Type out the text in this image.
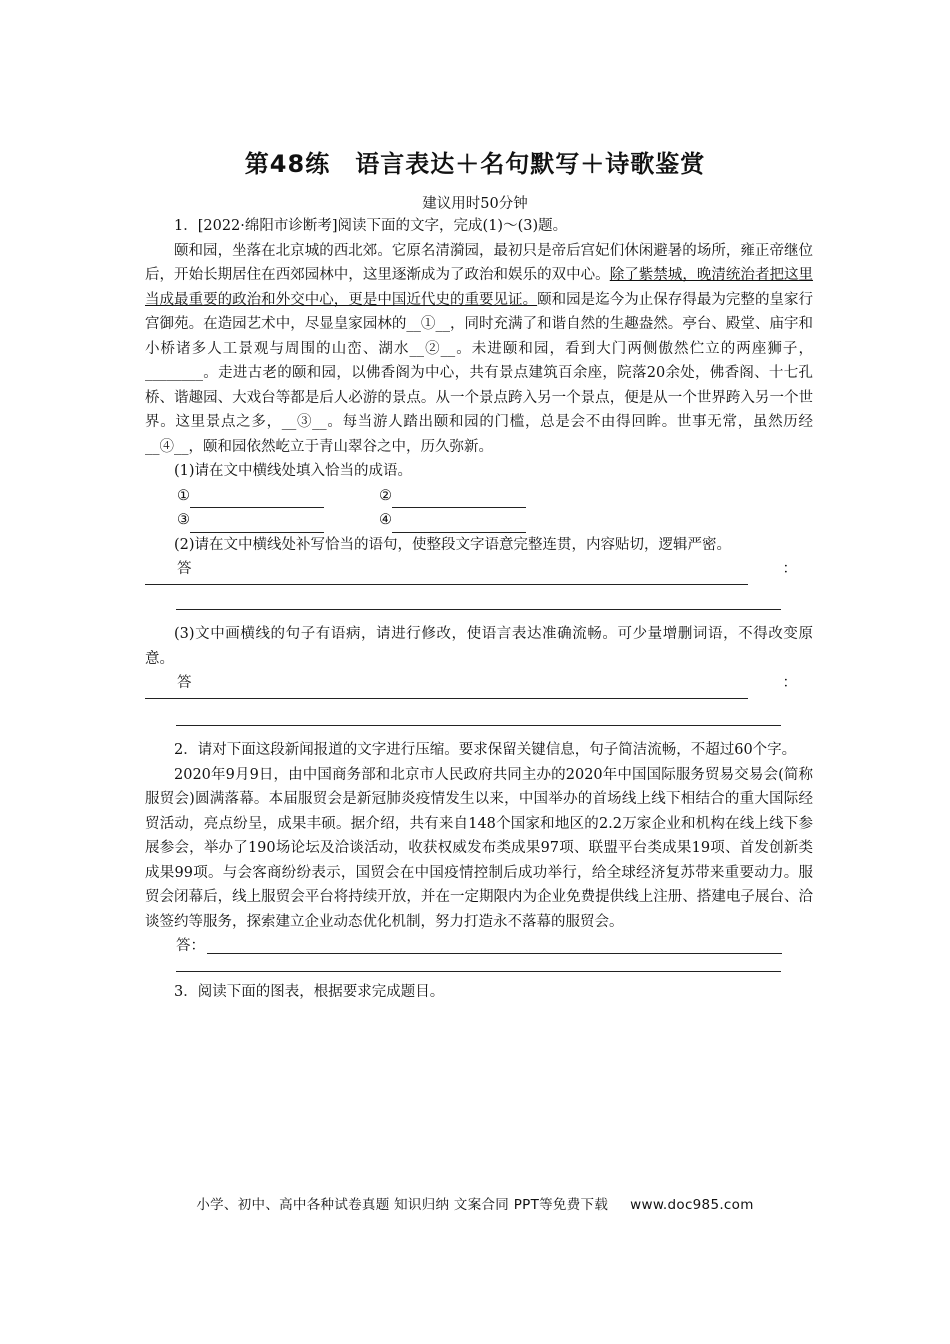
第48练　语言表达＋名句默写＋诗歌鉴赏
建议用时50分钟

1．[2022·绵阳市诊断考]阅读下面的文字，完成(1)～(3)题。

颐和园，坐落在北京城的西北郊。它原名清漪园，最初只是帝后宫妃们休闲避暑的场所，雍正帝继位后，开始长期居住在西郊园林中，这里逐渐成为了政治和娱乐的双中心。除了紫禁城，晚清统治者把这里当成最重要的政治和外交中心，更是中国近代史的重要见证。颐和园是迄今为止保存得最为完整的皇家行宫御苑。在造园艺术中，尽显皇家园林的__①__，同时充满了和谐自然的生趣盎然。亭台、殿堂、庙宇和小桥诸多人工景观与周围的山峦、湖水__②__。未进颐和园，看到大门两侧傲然伫立的两座狮子，________。走进古老的颐和园，以佛香阁为中心，共有景点建筑百余座，院落20余处，佛香阁、十七孔桥、谐趣园、大戏台等都是后人必游的景点。从一个景点跨入另一个景点，便是从一个世界跨入另一个世界。这里景点之多，__③__。每当游人踏出颐和园的门槛，总是会不由得回眸。世事无常，虽然历经__④__，颐和园依然屹立于青山翠谷之中，历久弥新。

(1)请在文中横线处填入恰当的成语。

①	②
③	④

(2)请在文中横线处补写恰当的语句，使整段文字语意完整连贯，内容贴切，逻辑严密。

答	：

(3)文中画横线的句子有语病，请进行修改，使语言表达准确流畅。可少量增删词语，不得改变原意。

答	：

2．请对下面这段新闻报道的文字进行压缩。要求保留关键信息，句子简洁流畅，不超过60个字。

2020年9月9日，由中国商务部和北京市人民政府共同主办的2020年中国国际服务贸易交易会(简称服贸会)圆满落幕。本届服贸会是新冠肺炎疫情发生以来，中国举办的首场线上线下相结合的重大国际经贸活动，亮点纷呈，成果丰硕。据介绍，共有来自148个国家和地区的2.2万家企业和机构在线上线下参展参会，举办了190场论坛及洽谈活动，收获权威发布类成果97项、联盟平台类成果19项、首发创新类成果99项。与会客商纷纷表示，国贸会在中国疫情控制后成功举行，给全球经济复苏带来重要动力。服贸会闭幕后，线上服贸会平台将持续开放，并在一定期限内为企业免费提供线上注册、搭建电子展台、洽谈签约等服务，探索建立企业动态优化机制，努力打造永不落幕的服贸会。

答：

3．阅读下面的图表，根据要求完成题目。

小学、初中、高中各种试卷真题 知识归纳 文案合同 PPT等免费下载 www.doc985.com
